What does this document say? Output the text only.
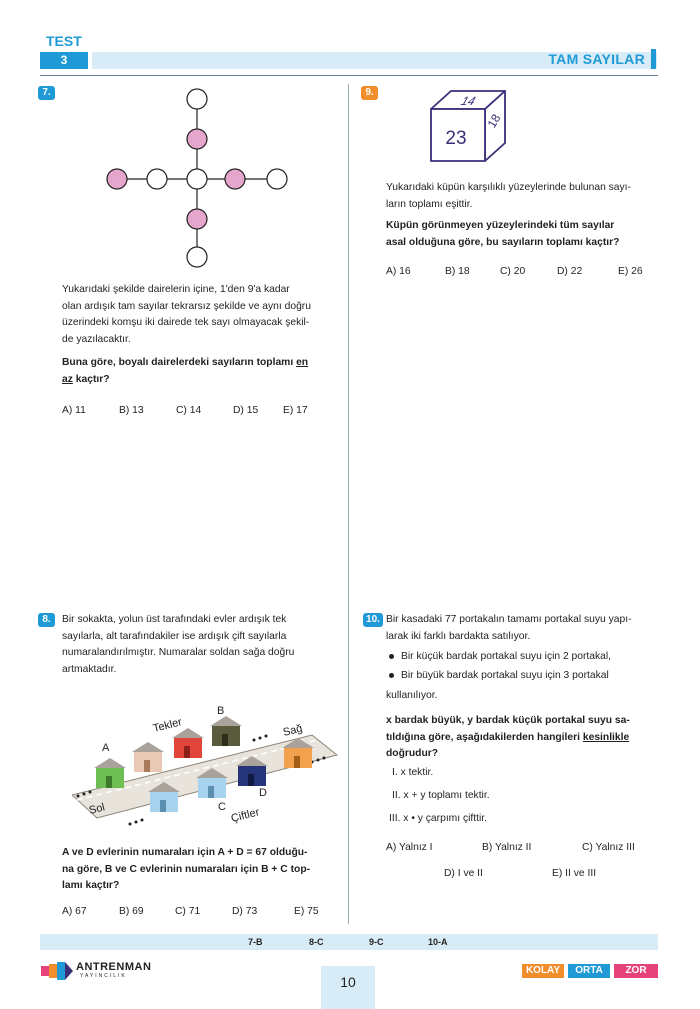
TEST
3	TAM SAYILAR
7.

Yukarıdaki şekilde dairelerin içine, 1'den 9'a kadar
olan ardışık tam sayılar tekrarsız şekilde ve aynı doğru
üzerindeki komşu iki dairede tek sayı olmayacak şekil-
de yazılacaktır.

Buna göre, boyalı dairelerdeki sayıların toplamı en
az kaçtır?

A) 11	B) 13	C) 14	D) 15	E) 17
9.
23
14
18

Yukarıdaki küpün karşılıklı yüzeylerinde bulunan sayı-
ların toplamı eşittir.

Küpün görünmeyen yüzeylerindeki tüm sayılar
asal olduğuna göre, bu sayıların toplamı kaçtır?

A) 16	B) 18	C) 20	D) 22	E) 26
8.	Bir sokakta, yolun üst tarafındaki evler ardışık tek
sayılarla, alt tarafındakiler ise ardışık çift sayılarla
numaralandırılmıştır. Numaralar soldan sağa doğru
artmaktadır.

A
B
C
D
Tekler
Çiftler
Sol
Sağ

A ve D evlerinin numaraları için A + D = 67 olduğu-
na göre, B ve C evlerinin numaraları için B + C top-
lamı kaçtır?

A) 67	B) 69	C) 71	D) 73	E) 75
10. Bir kasadaki 77 portakalın tamamı portakal suyu yapı-
larak iki farklı bardakta satılıyor.

Bir küçük bardak portakal suyu için 2 portakal,
Bir büyük bardak portakal suyu için 3 portakal

kullanılıyor.

x bardak büyük, y bardak küçük portakal suyu sa-
tıldığına göre, aşağıdakilerden hangileri kesinlikle
doğrudur?

I. x tektir.

II. x + y toplamı tektir.

III. x • y çarpımı çifttir.

A) Yalnız I	B) Yalnız II	C) Yalnız III
D) I ve II	E) II ve III
7-B	8-C	9-C	10-A
ANTRENMAN
YAYINCILIK	10
KOLAY	ORTA	ZOR
